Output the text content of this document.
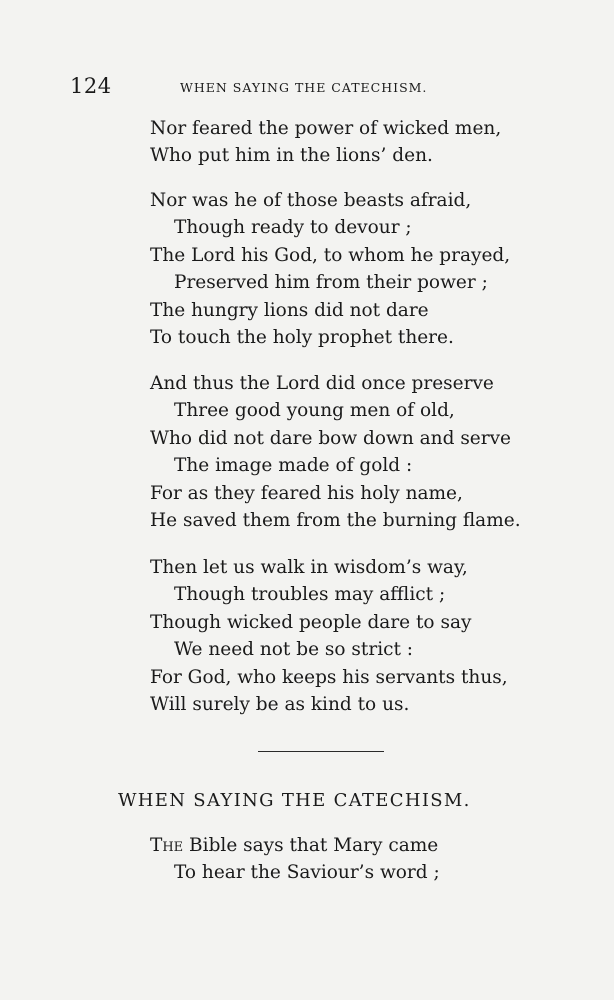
124	WHEN SAYING THE CATECHISM.
Nor feared the power of wicked men,
Who put him in the lions’ den.
Nor was he of those beasts afraid,
Though ready to devour ;
The Lord his God, to whom he prayed,
Preserved him from their power ;
The hungry lions did not dare
To touch the holy prophet there.
And thus the Lord did once preserve
Three good young men of old,
Who did not dare bow down and serve
The image made of gold :
For as they feared his holy name,
He saved them from the burning flame.
Then let us walk in wisdom’s way,
Though troubles may afflict ;
Though wicked people dare to say
We need not be so strict :
For God, who keeps his servants thus,
Will surely be as kind to us.
WHEN SAYING THE CATECHISM.
The Bible says that Mary came
To hear the Saviour’s word ;
